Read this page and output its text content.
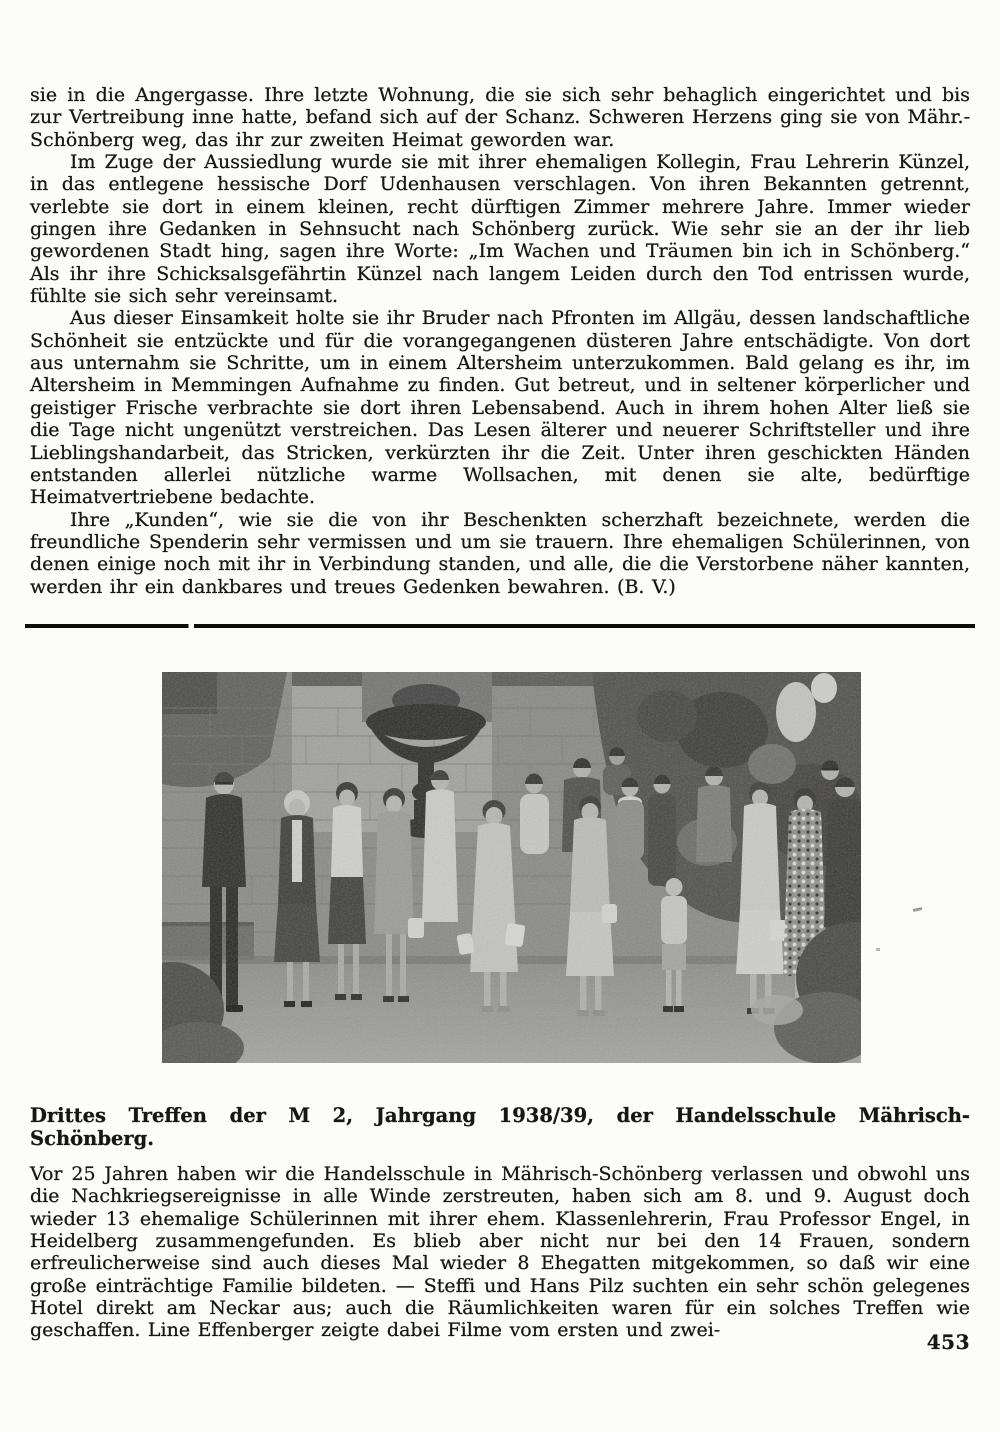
sie in die Angergasse. Ihre letzte Wohnung, die sie sich sehr behaglich eingerichtet und bis zur Vertreibung inne hatte, befand sich auf der Schanz. Schweren Herzens ging sie von Mähr.-Schönberg weg, das ihr zur zweiten Heimat geworden war.

Im Zuge der Aussiedlung wurde sie mit ihrer ehemaligen Kollegin, Frau Lehrerin Künzel, in das entlegene hessische Dorf Udenhausen verschlagen. Von ihren Bekannten getrennt, verlebte sie dort in einem kleinen, recht dürftigen Zimmer mehrere Jahre. Immer wieder gingen ihre Gedanken in Sehnsucht nach Schönberg zurück. Wie sehr sie an der ihr lieb gewordenen Stadt hing, sagen ihre Worte: „Im Wachen und Träumen bin ich in Schönberg.“ Als ihr ihre Schicksalsgefährtin Künzel nach langem Leiden durch den Tod entrissen wurde, fühlte sie sich sehr vereinsamt.

Aus dieser Einsamkeit holte sie ihr Bruder nach Pfronten im Allgäu, dessen landschaftliche Schönheit sie entzückte und für die vorangegangenen düsteren Jahre entschädigte. Von dort aus unternahm sie Schritte, um in einem Altersheim unterzukommen. Bald gelang es ihr, im Altersheim in Memmingen Aufnahme zu finden. Gut betreut, und in seltener körperlicher und geistiger Frische verbrachte sie dort ihren Lebensabend. Auch in ihrem hohen Alter ließ sie die Tage nicht ungenützt verstreichen. Das Lesen älterer und neuerer Schriftsteller und ihre Lieblingshandarbeit, das Stricken, verkürzten ihr die Zeit. Unter ihren geschickten Händen entstanden allerlei nützliche warme Wollsachen, mit denen sie alte, bedürftige Heimatvertriebene bedachte.

Ihre „Kunden“, wie sie die von ihr Beschenkten scherzhaft bezeichnete, werden die freundliche Spenderin sehr vermissen und um sie trauern. Ihre ehemaligen Schülerinnen, von denen einige noch mit ihr in Verbindung standen, und alle, die die Verstorbene näher kannten, werden ihr ein dankbares und treues Gedenken bewahren. (B. V.)

Drittes Treffen der M 2, Jahrgang 1938/39, der Handelsschule Mährisch-Schönberg.

Vor 25 Jahren haben wir die Handelsschule in Mährisch-Schönberg verlassen und obwohl uns die Nachkriegsereignisse in alle Winde zerstreuten, haben sich am 8. und 9. August doch wieder 13 ehemalige Schülerinnen mit ihrer ehem. Klassenlehrerin, Frau Professor Engel, in Heidelberg zusammengefunden. Es blieb aber nicht nur bei den 14 Frauen, sondern erfreulicherweise sind auch dieses Mal wieder 8 Ehegatten mitgekommen, so daß wir eine große einträchtige Familie bildeten. — Steffi und Hans Pilz suchten ein sehr schön gelegenes Hotel direkt am Neckar aus; auch die Räumlichkeiten waren für ein solches Treffen wie geschaffen. Line Effenberger zeigte dabei Filme vom ersten und zwei-	453
